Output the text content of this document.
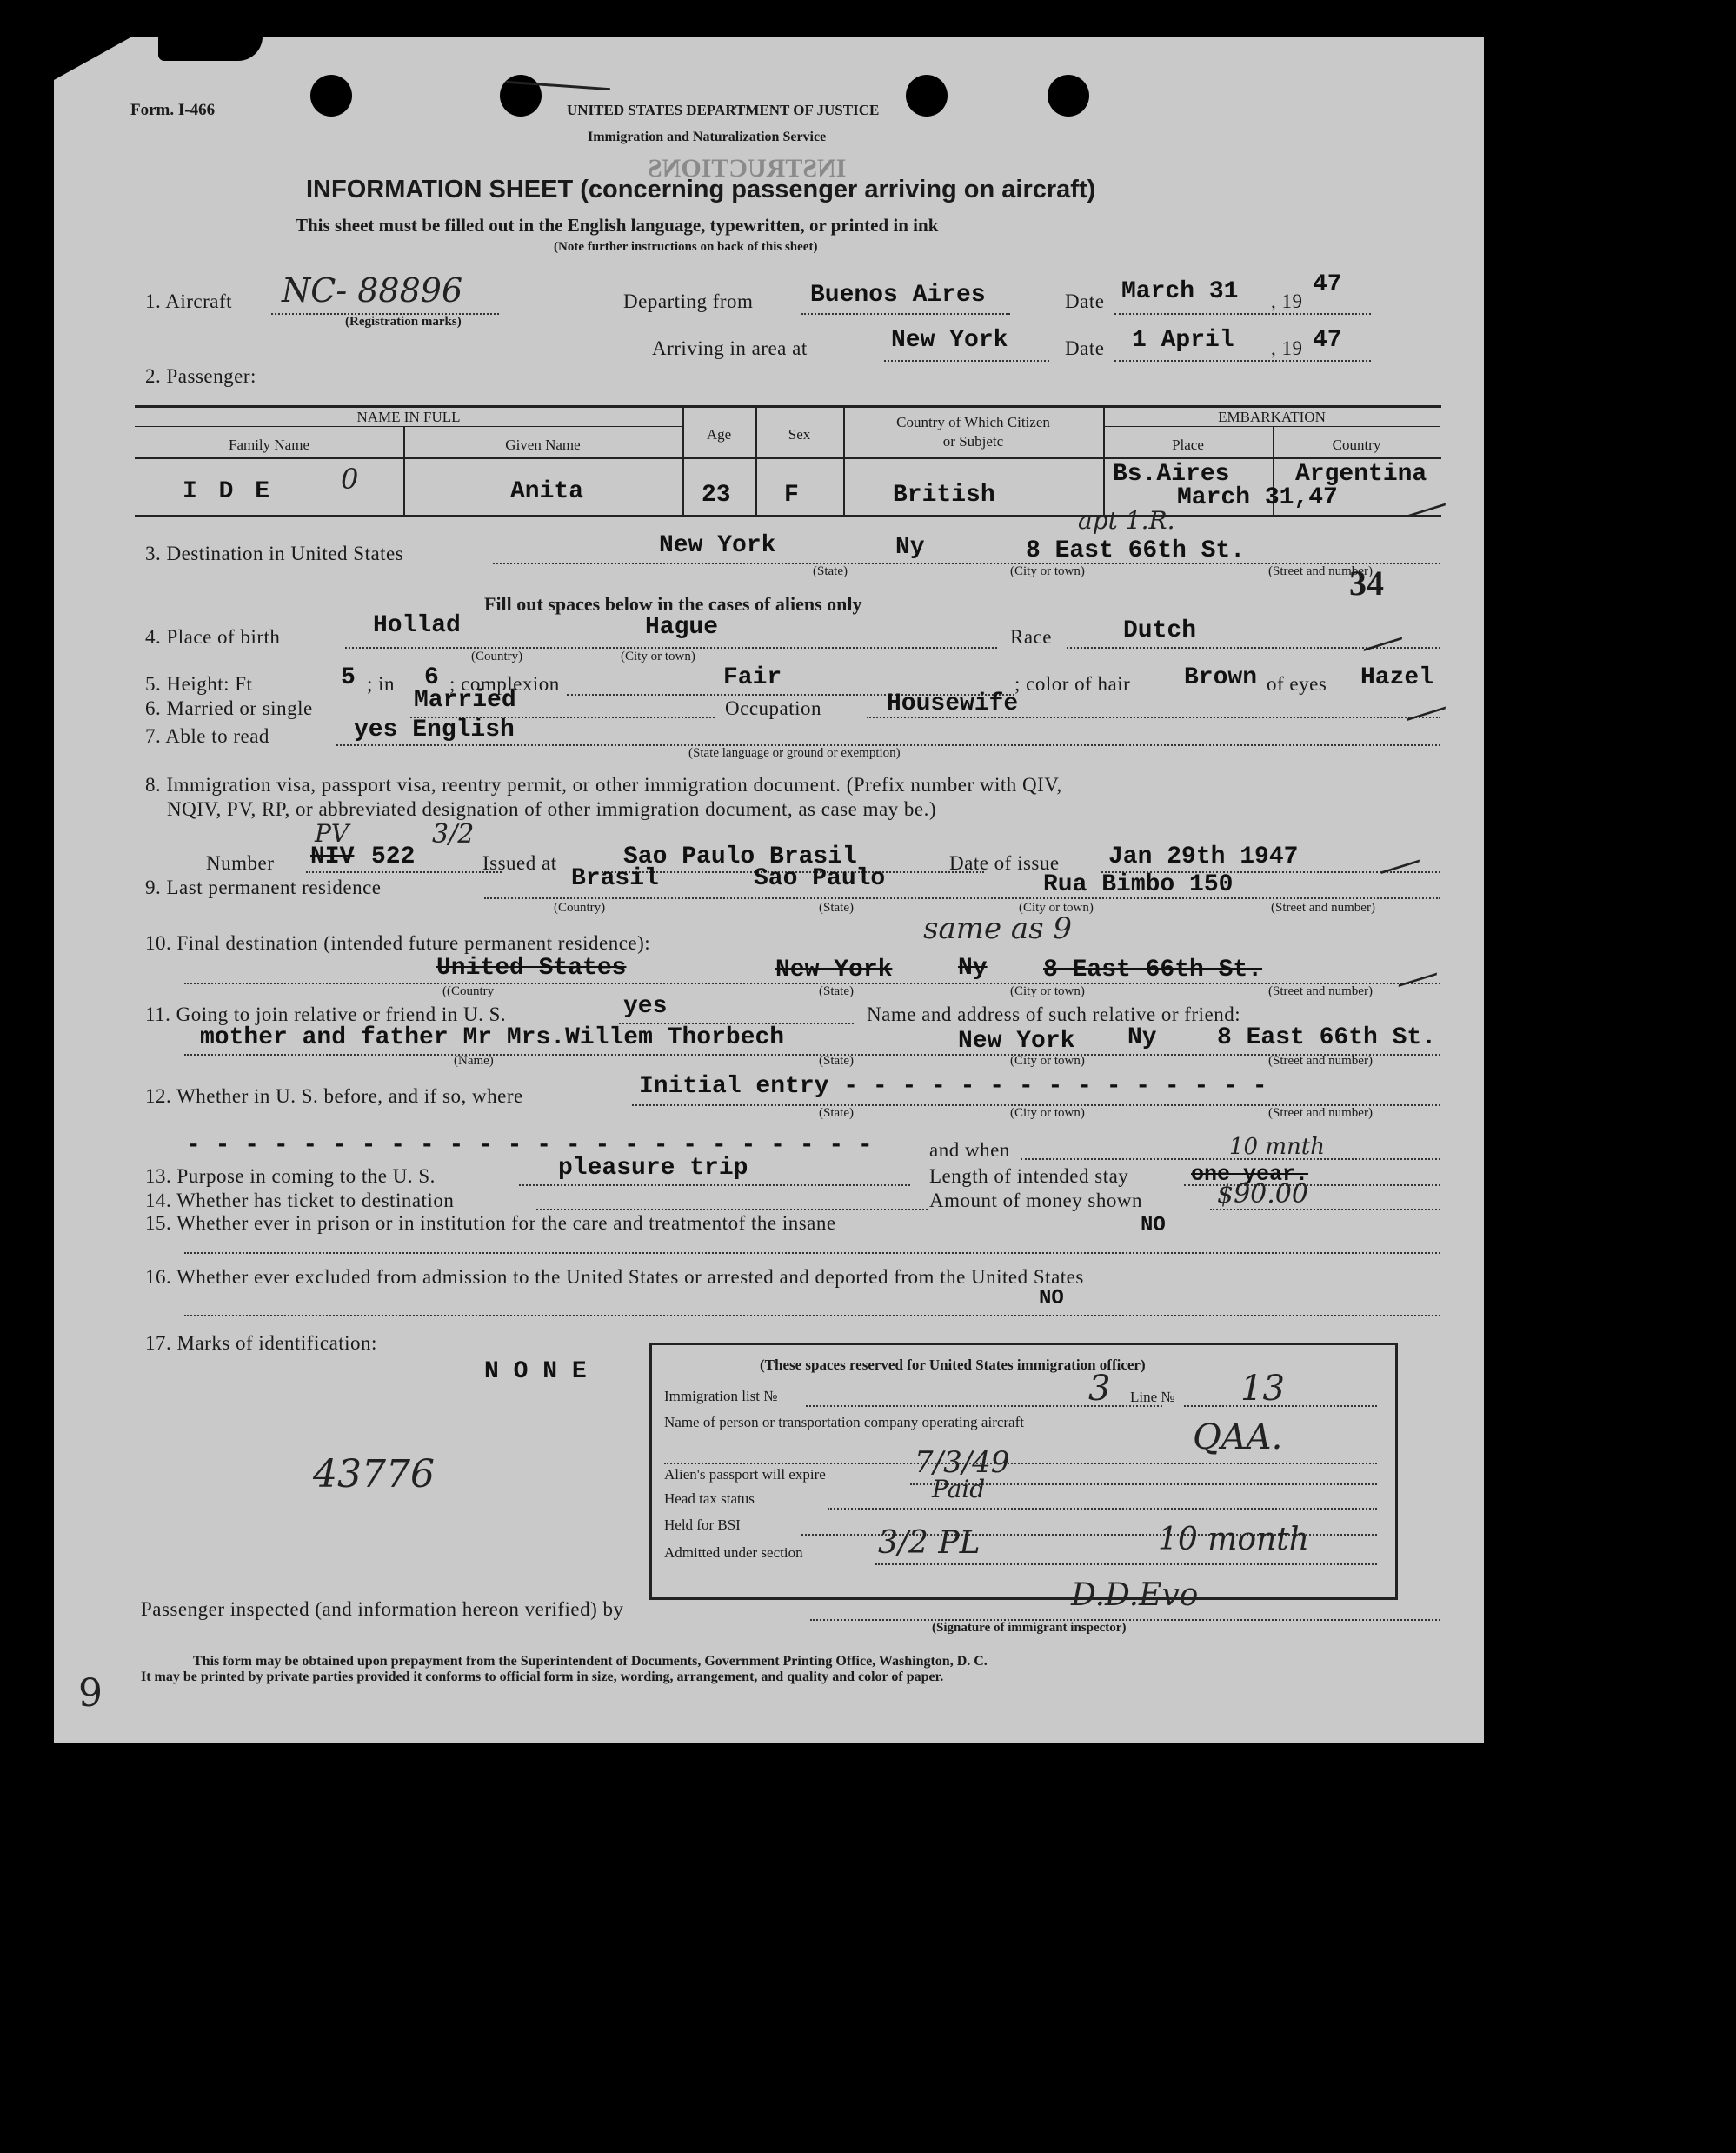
Form. I-466	UNITED STATES DEPARTMENT OF JUSTICE
Immigration and Naturalization Service
INSTRUCTIONS
INFORMATION SHEET (concerning passenger arriving on aircraft)
This sheet must be filled out in the English language, typewritten, or printed in ink
(Note further instructions on back of this sheet)
1. Aircraft NC- 88896
(Registration marks)
Departing from Buenos Aires	Date March 31 , 19
47
Arriving in area at	New York	Date 1 April , 19 47
2. Passenger:
NAME IN FULL
Family Name	Given Name
Age	Sex
Country of Which Citizen
or Subjetc
EMBARKATION
Place	Country
I D E 0	Anita	23 F	British
Bs.Aires	Argentina
March 31,47
3. Destination in United States	New York	Ny	8 East 66th St.
apt 1.R.
(State)	(City or town)	(Street and number)
34
Fill out spaces below in the cases of aliens only
4. Place of birth	Hollad	Hague
(Country)	(City or town)
Race	Dutch
5. Height: Ft	5 ; in 6 ; complexion	Fair	; color of hair Brown of eyes Hazel
6. Married or single	Married	Occupation	Housewife
7. Able to read	yes English
(State language or ground or exemption)
8. Immigration visa, passport visa, reentry permit, or other immigration document. (Prefix number with QIV,
NQIV, PV, RP, or abbreviated designation of other immigration document, as case may be.)
PV	3/2
Number NIV 522	Issued at	Sao Paulo Brasil	Date of issue Jan 29th 1947
9. Last permanent residence	Brasil	Sao Paulo	Rua Bimbo 150
(Country)	(State)	(City or town)	(Street and number)
same as 9
10. Final destination (intended future permanent residence):
United States	New York	Ny 8 East 66th St.
((Country	(State)	(City or town)	(Street and number)
11. Going to join relative or friend in U. S.	yes	Name and address of such relative or friend:
mother and father Mr Mrs.Willem Thorbech	New York Ny 8 East 66th St.
(Name)	(State)	(City or town)	(Street and number)
12. Whether in U. S. before, and if so, where	Initial entry - - - - - - - - - - - - - - -
(State)	(City or town)	(Street and number)
- - - - - - - - - - - - - - - - - - - - - - - -	and when
13. Purpose in coming to the U. S.	pleasure trip	Length of intended stay	one year.
10 mnth
14. Whether has ticket to destination	Amount of money shown	$90.00
15. Whether ever in prison or in institution for the care and treatmentof the insane	NO
16. Whether ever excluded from admission to the United States or arrested and deported from the United States
NO
17. Marks of identification:
N O N E
43776
(These spaces reserved for United States immigration officer)
Immigration list №	3 Line № 13
Name of person or transportation company operating aircraft	QAA.
Alien's passport will expire	7/3/49
Head tax status	Paid
Held for BSI
Admitted under section 3/2 PL	10 month
Passenger inspected (and information hereon verified) by	D.D.Evo
(Signature of immigrant inspector)
This form may be obtained upon prepayment from the Superintendent of Documents, Government Printing Office, Washington, D. C.
It may be printed by private parties provided it conforms to official form in size, wording, arrangement, and quality and color of paper.
9
